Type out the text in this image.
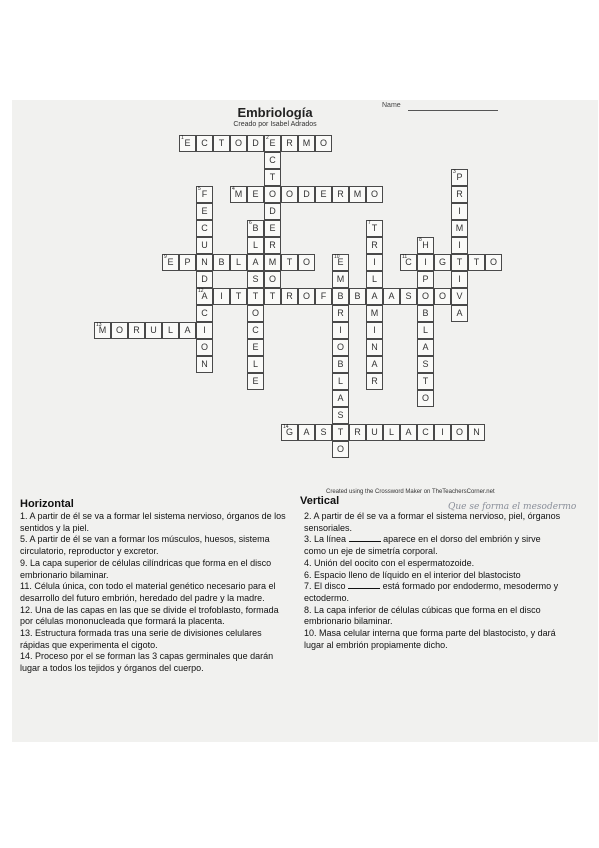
Embriología
Creado por Isabel Adrados
Name
E
1	C	T	O	D	E
2	R	M	O
C
T
O
D
E
R
M
O
P
3
R
I
M
I
T
I
V
A
M
4	E	O	D	E	R	M	O
F
5
E
C
U
N
D
A
12
C
I
O
N
B
6
L
A
S
T
O
C
E
L
E
T
7
R
I
L
A
M
I
N
A
R
H
8
I
P
O
B
L
A
S
T
O
E
9	P	B	L	T	O	E
10
M
B
R
I
O
B
L
A
S
T
O
C
11	G	T	O
I	T	T	R	O	F	B	A	S	O
M
13	O	R	U	L	A
G
14	A	S	R	U	L	A	C	I	O	N
Created using the Crossword Maker on TheTeachersCorner.net
Horizontal	Vertical

1. A partir de él se va a formar lel sistema nervioso, órganos de los sentidos y la piel.

5. A partir de él se van a formar los músculos, huesos, sistema circulatorio, reproductor y excretor.

9. La capa superior de células cilíndricas que forma en el disco embrionario bilaminar.

11. Célula única, con todo el material genético necesario para el desarrollo del futuro embrión, heredado del padre y la madre.

12. Una de las capas en las que se divide el trofoblasto, formada por células mononucleada que formará la placenta.

13. Estructura formada tras una serie de divisiones celulares rápidas que experimenta el cigoto.

14. Proceso por el se forman las 3 capas germinales que darán lugar a todos los tejidos y órganos del cuerpo.

2. A partir de él se va a formar el sistema nervioso, piel, órganos sensoriales.

3. La línea	aparece en el dorso del embrión y sirve como un eje de simetría corporal.

4. Unión del oocito con el espermatozoide.

6. Espacio lleno de líquido en el interior del blastocisto

7. El disco	está formado por endodermo, mesodermo y ectodermo.

8. La capa inferior de células cúbicas que forma en el disco embrionario bilaminar.

10. Masa celular interna que forma parte del blastocisto, y dará lugar al embrión propiamente dicho.

Que se forma el mesodermo
